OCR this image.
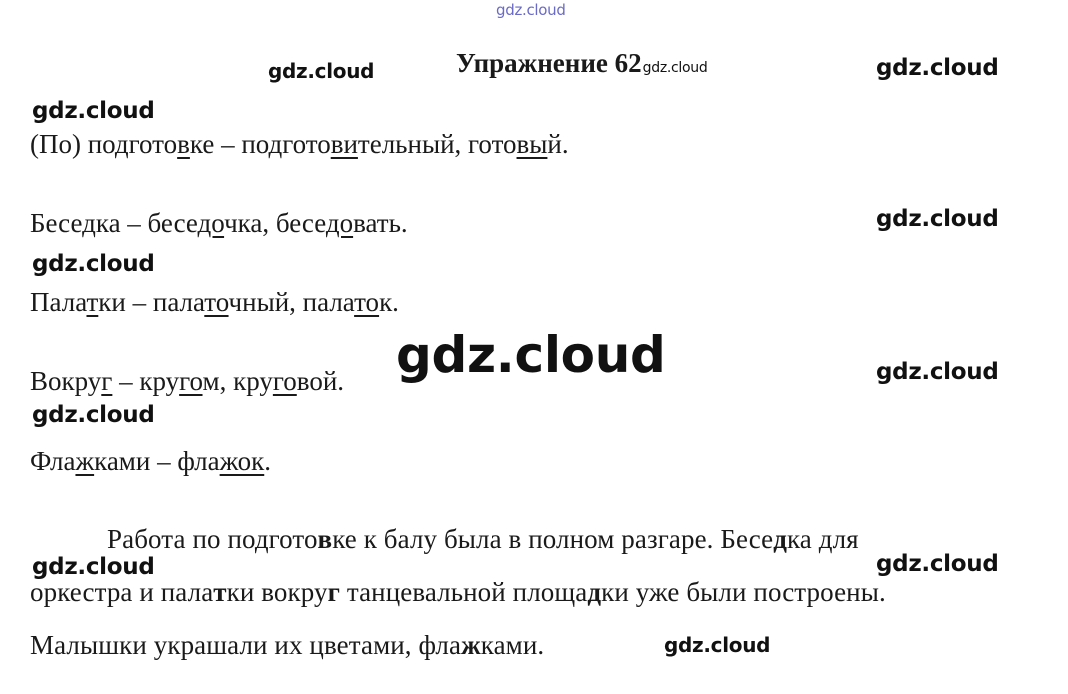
gdz.cloud
gdz.cloud	gdz.cloud
gdz.cloud
gdz.cloud
gdz.cloud
gdz.cloud	gdz.cloud
gdz.cloud
gdz.cloud
gdz.cloud
gdz.cloud
Упражнение 62gdz.cloud
(По) подготовке – подготовительный, готовый.
Беседка – беседочка, беседовать.
Палатки – палаточный, палаток.
Вокруг – кругом, круговой.
Флажками – флажок.
Работа по подготовке к балу была в полном разгаре. Беседка для
оркестра и палатки вокруг танцевальной площадки уже были построены.
Малышки украшали их цветами, флажками.
